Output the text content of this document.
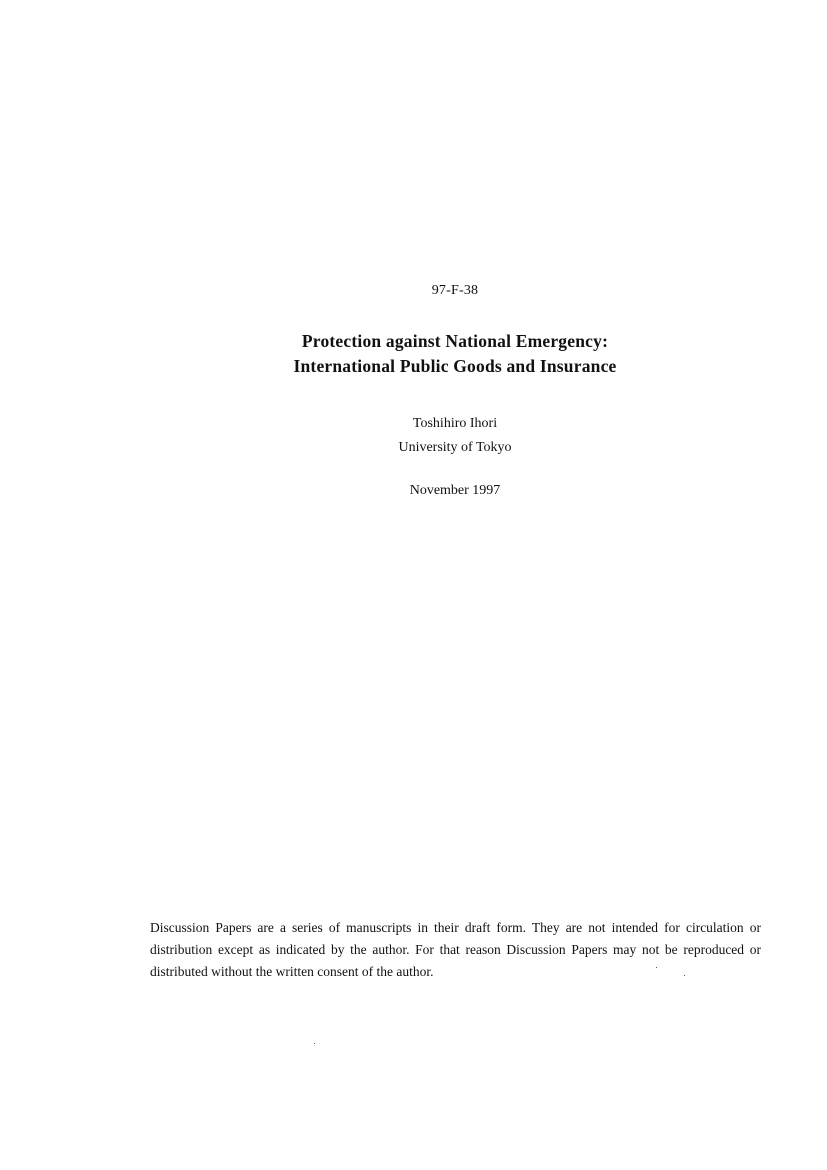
97-F-38
Protection against National Emergency:
International Public Goods and Insurance
Toshihiro Ihori
University of Tokyo
November 1997
Discussion Papers are a series of manuscripts in their draft form. They are not intended for circulation or distribution except as indicated by the author. For that reason Discussion Papers may not be reproduced or distributed without the written consent of the author.
